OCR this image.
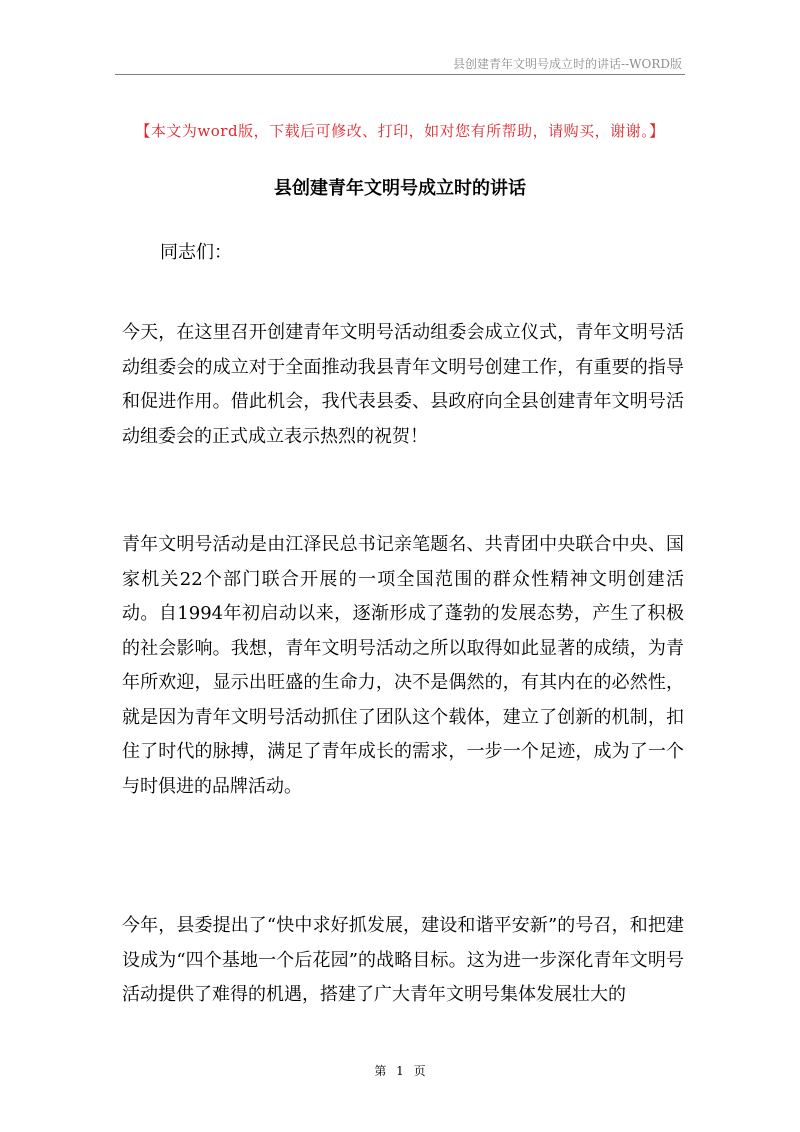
县创建青年文明号成立时的讲话--WORD版
【本文为word版，下载后可修改、打印，如对您有所帮助，请购买，谢谢。】
县创建青年文明号成立时的讲话
同志们：

今天，在这里召开创建青年文明号活动组委会成立仪式，青年文明号活动组委会的成立对于全面推动我县青年文明号创建工作，有重要的指导和促进作用。借此机会，我代表县委、县政府向全县创建青年文明号活动组委会的正式成立表示热烈的祝贺！

青年文明号活动是由江泽民总书记亲笔题名、共青团中央联合中央、国家机关22个部门联合开展的一项全国范围的群众性精神文明创建活动。自1994年初启动以来，逐渐形成了蓬勃的发展态势，产生了积极的社会影响。我想，青年文明号活动之所以取得如此显著的成绩，为青年所欢迎，显示出旺盛的生命力，决不是偶然的，有其内在的必然性，就是因为青年文明号活动抓住了团队这个载体，建立了创新的机制，扣住了时代的脉搏，满足了青年成长的需求，一步一个足迹，成为了一个与时俱进的品牌活动。

今年，县委提出了“快中求好抓发展，建设和谐平安新”的号召，和把建设成为“四个基地一个后花园”的战略目标。这为进一步深化青年文明号活动提供了难得的机遇，搭建了广大青年文明号集体发展壮大的

第 1 页
